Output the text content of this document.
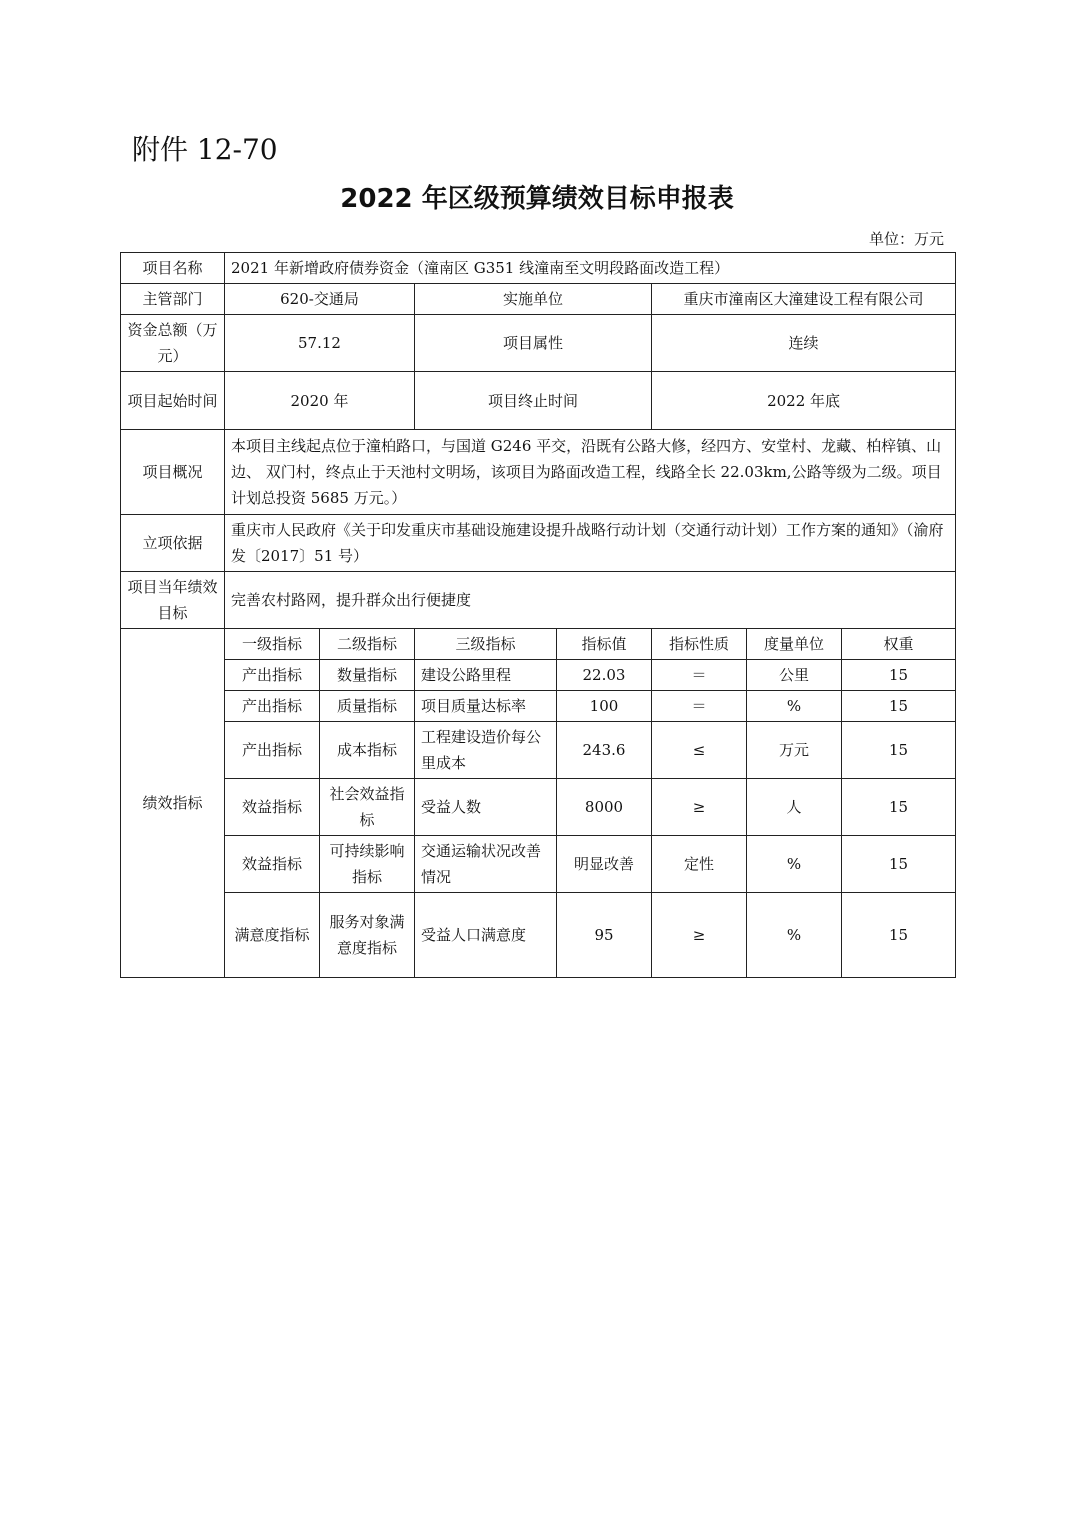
附件 12-70
2022 年区级预算绩效目标申报表
单位：万元
项目名称	2021 年新增政府债券资金（潼南区 G351 线潼南至文明段路面改造工程）						
主管部门	620-交通局		实施单位		重庆市潼南区大潼建设工程有限公司		
资金总额（万元）	57.12		项目属性		连续		
项目起始时间	2020 年		项目终止时间		2022 年底		
项目概况	本项目主线起点位于潼柏路口，与国道 G246 平交，沿既有公路大修，经四方、安堂村、龙藏、柏梓镇、山边、 双门村，终点止于天池村文明场，该项目为路面改造工程，线路全长 22.03km,公路等级为二级。项目计划总投资 5685 万元。）						
立项依据	重庆市人民政府《关于印发重庆市基础设施建设提升战略行动计划（交通行动计划）工作方案的通知》（渝府发〔2017〕51 号）						
项目当年绩效目标	完善农村路网，提升群众出行便捷度						
绩效指标	一级指标	二级指标	三级指标	指标值	指标性质	度量单位	权重
	产出指标	数量指标	建设公路里程	22.03	＝	公里	15
	产出指标	质量指标	项目质量达标率	100	＝	%	15
	产出指标	成本指标	工程建设造价每公里成本	243.6	≤	万元	15
	效益指标	社会效益指标	受益人数	8000	≥	人	15
	效益指标	可持续影响指标	交通运输状况改善情况	明显改善	定性	%	15
	满意度指标	服务对象满意度指标	受益人口满意度	95	≥	%	15
